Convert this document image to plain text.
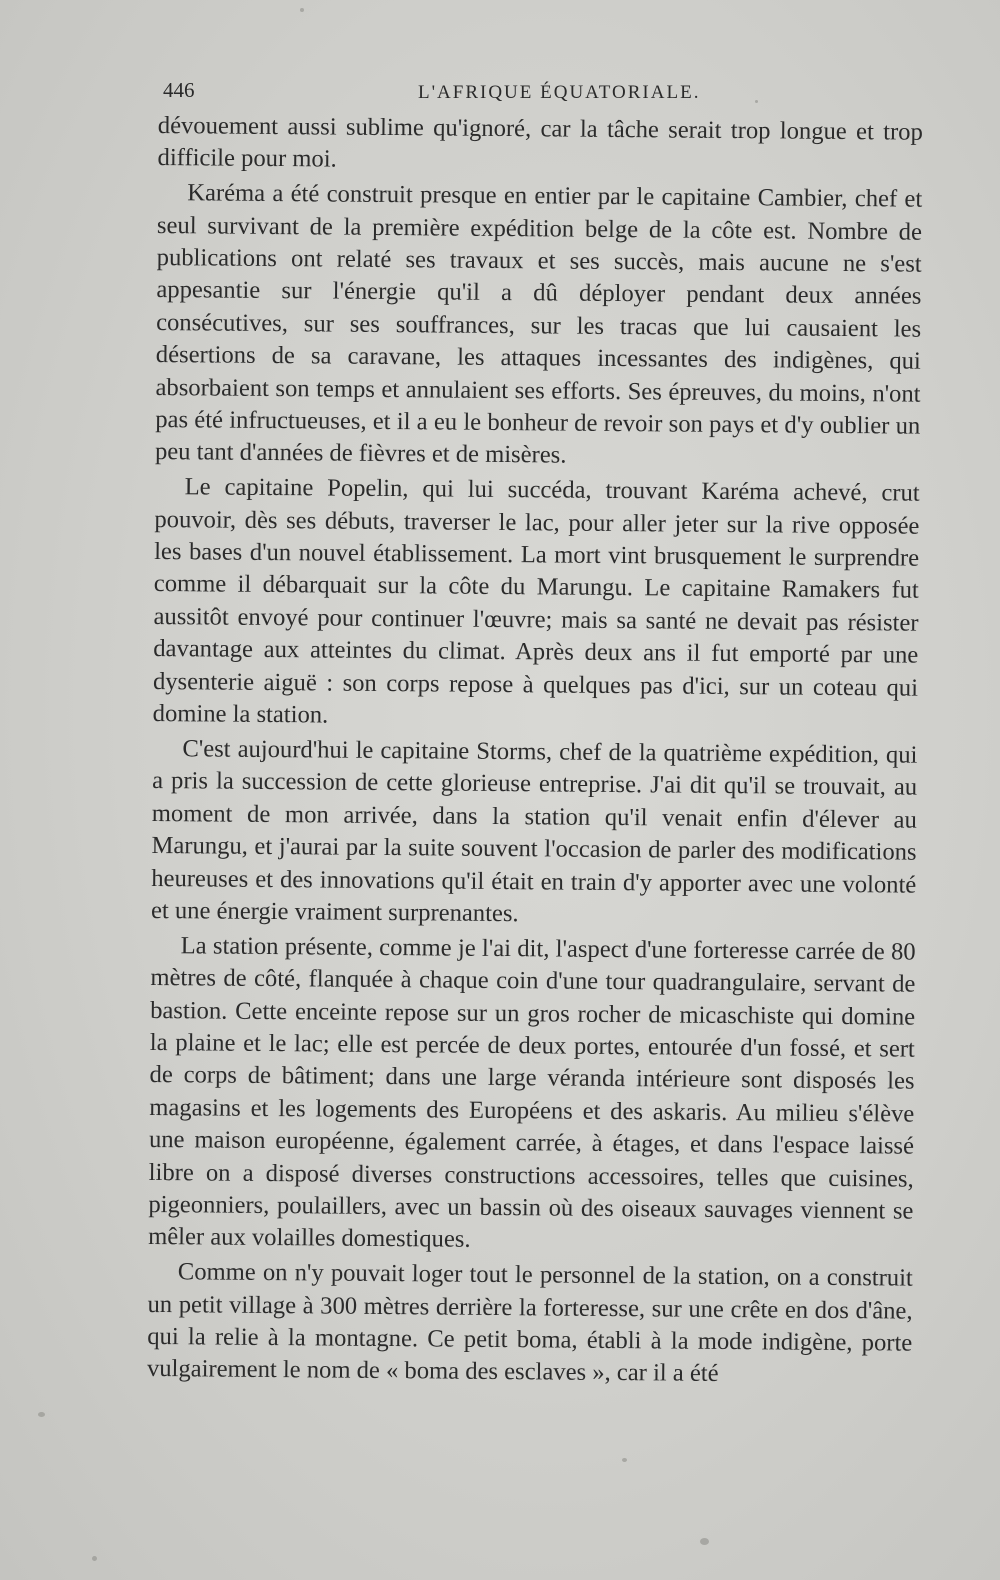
446	L'AFRIQUE ÉQUATORIALE.

dévouement aussi sublime qu'ignoré, car la tâche serait trop longue et trop difficile pour moi.

Karéma a été construit presque en entier par le capitaine Cambier, chef et seul survivant de la première expédition belge de la côte est. Nombre de publications ont relaté ses travaux et ses succès, mais aucune ne s'est appesantie sur l'énergie qu'il a dû déployer pendant deux années consécutives, sur ses souffrances, sur les tracas que lui causaient les désertions de sa caravane, les attaques incessantes des indigènes, qui absorbaient son temps et annulaient ses efforts. Ses épreuves, du moins, n'ont pas été infructueuses, et il a eu le bonheur de revoir son pays et d'y oublier un peu tant d'années de fièvres et de misères.

Le capitaine Popelin, qui lui succéda, trouvant Karéma achevé, crut pouvoir, dès ses débuts, traverser le lac, pour aller jeter sur la rive opposée les bases d'un nouvel établissement. La mort vint brusquement le surprendre comme il débarquait sur la côte du Marungu. Le capitaine Ramakers fut aussitôt envoyé pour continuer l'œuvre; mais sa santé ne devait pas résister davantage aux atteintes du climat. Après deux ans il fut emporté par une dysenterie aiguë : son corps repose à quelques pas d'ici, sur un coteau qui domine la station.

C'est aujourd'hui le capitaine Storms, chef de la quatrième expédition, qui a pris la succession de cette glorieuse entreprise. J'ai dit qu'il se trouvait, au moment de mon arrivée, dans la station qu'il venait enfin d'élever au Marungu, et j'aurai par la suite souvent l'occasion de parler des modifications heureuses et des innovations qu'il était en train d'y apporter avec une volonté et une énergie vraiment surprenantes.

La station présente, comme je l'ai dit, l'aspect d'une forteresse carrée de 80 mètres de côté, flanquée à chaque coin d'une tour quadrangulaire, servant de bastion. Cette enceinte repose sur un gros rocher de micaschiste qui domine la plaine et le lac; elle est percée de deux portes, entourée d'un fossé, et sert de corps de bâtiment; dans une large véranda intérieure sont disposés les magasins et les logements des Européens et des askaris. Au milieu s'élève une maison européenne, également carrée, à étages, et dans l'espace laissé libre on a disposé diverses constructions accessoires, telles que cuisines, pigeonniers, poulaillers, avec un bassin où des oiseaux sauvages viennent se mêler aux volailles domestiques.

Comme on n'y pouvait loger tout le personnel de la station, on a construit un petit village à 300 mètres derrière la forteresse, sur une crête en dos d'âne, qui la relie à la montagne. Ce petit boma, établi à la mode indigène, porte vulgairement le nom de « boma des esclaves », car il a été
